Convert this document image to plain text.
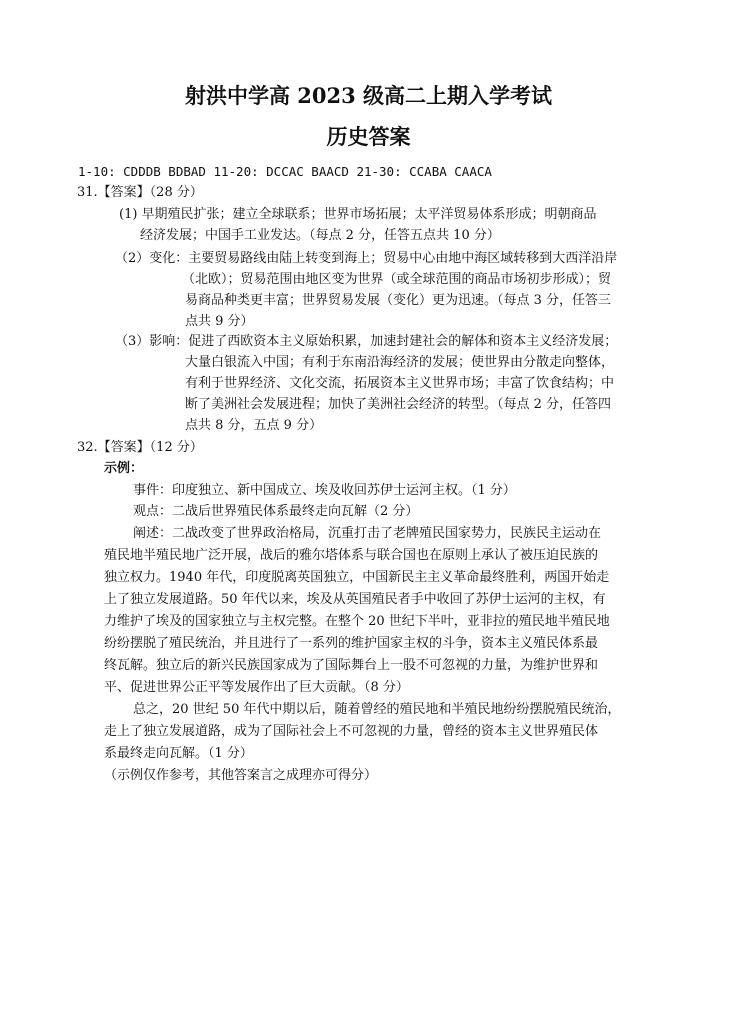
射洪中学高 2023 级高二上期入学考试
历史答案
1-10: CDDDB BDBAD 11-20: DCCAC BAACD 21-30: CCABA CAACA
31.【答案】（28 分）
(1) 早期殖民扩张；建立全球联系；世界市场拓展；太平洋贸易体系形成；明朝商品
经济发展；中国手工业发达。（每点 2 分，任答五点共 10 分）
（2）变化：主要贸易路线由陆上转变到海上；贸易中心由地中海区域转移到大西洋沿岸
（北欧）；贸易范围由地区变为世界（或全球范围的商品市场初步形成）；贸
易商品种类更丰富；世界贸易发展（变化）更为迅速。（每点 3 分，任答三
点共 9 分）
（3）影响：促进了西欧资本主义原始积累，加速封建社会的解体和资本主义经济发展；
大量白银流入中国；有利于东南沿海经济的发展；使世界由分散走向整体，
有利于世界经济、文化交流，拓展资本主义世界市场；丰富了饮食结构；中
断了美洲社会发展进程；加快了美洲社会经济的转型。（每点 2 分，任答四
点共 8 分，五点 9 分）
32.【答案】（12 分）
示例：
事件：印度独立、新中国成立、埃及收回苏伊士运河主权。（1 分）
观点：二战后世界殖民体系最终走向瓦解（2 分）
阐述：二战改变了世界政治格局，沉重打击了老牌殖民国家势力，民族民主运动在
殖民地半殖民地广泛开展，战后的雅尔塔体系与联合国也在原则上承认了被压迫民族的
独立权力。1940 年代，印度脱离英国独立，中国新民主主义革命最终胜利，两国开始走
上了独立发展道路。50 年代以来，埃及从英国殖民者手中收回了苏伊士运河的主权，有
力维护了埃及的国家独立与主权完整。在整个 20 世纪下半叶，亚非拉的殖民地半殖民地
纷纷摆脱了殖民统治，并且进行了一系列的维护国家主权的斗争，资本主义殖民体系最
终瓦解。独立后的新兴民族国家成为了国际舞台上一股不可忽视的力量，为维护世界和
平、促进世界公正平等发展作出了巨大贡献。（8 分）
总之，20 世纪 50 年代中期以后，随着曾经的殖民地和半殖民地纷纷摆脱殖民统治，
走上了独立发展道路，成为了国际社会上不可忽视的力量，曾经的资本主义世界殖民体
系最终走向瓦解。（1 分）
（示例仅作参考，其他答案言之成理亦可得分）
